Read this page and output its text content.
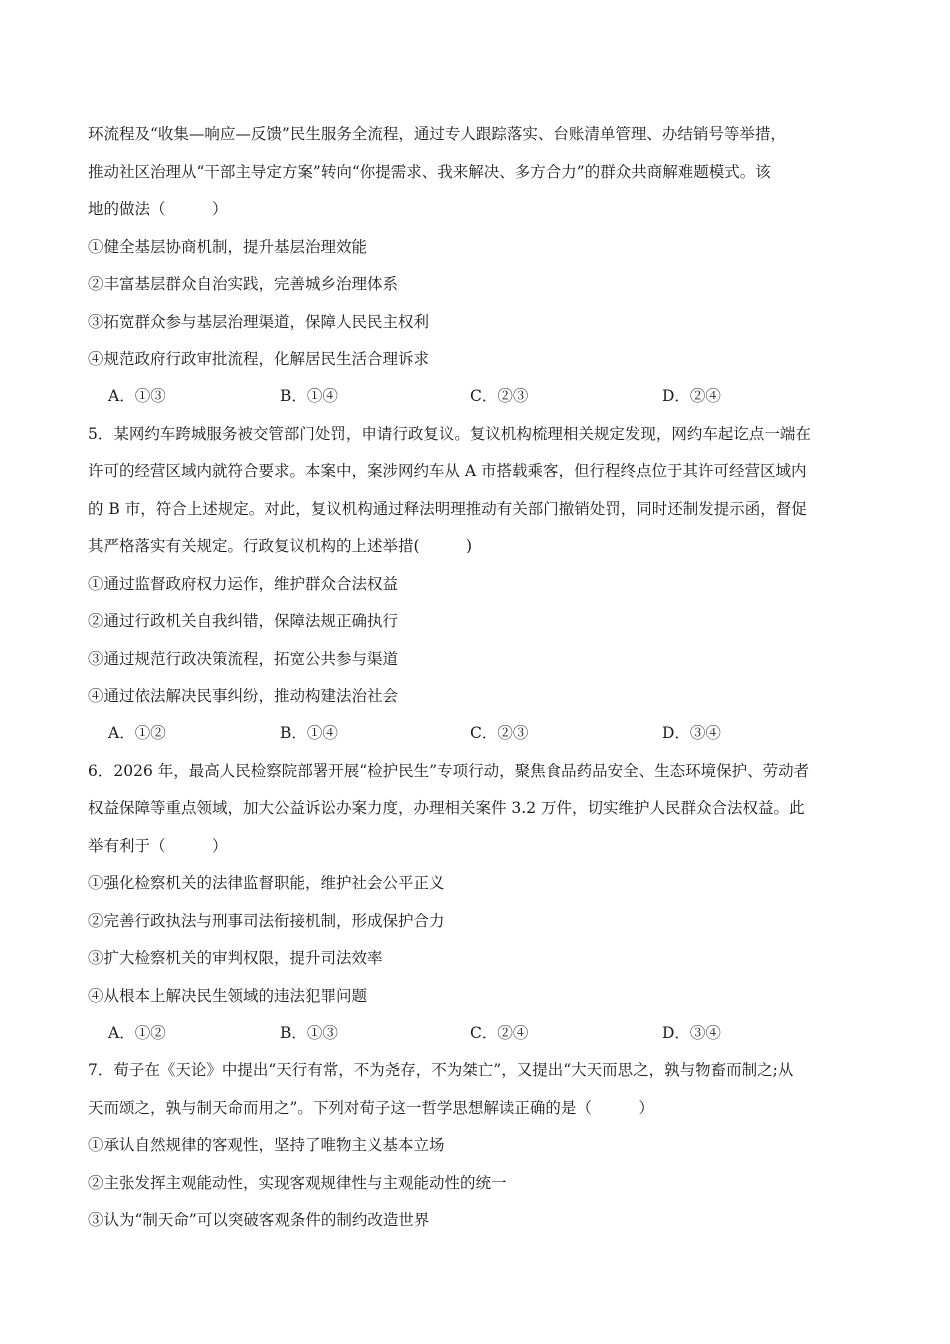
环流程及“收集—响应—反馈”民生服务全流程，通过专人跟踪落实、台账清单管理、办结销号等举措，
推动社区治理从“干部主导定方案”转向“你提需求、我来解决、多方合力”的群众共商解难题模式。该
地的做法（　　　）
①健全基层协商机制，提升基层治理效能
②丰富基层群众自治实践，完善城乡治理体系
③拓宽群众参与基层治理渠道，保障人民民主权利
④规范政府行政审批流程，化解居民生活合理诉求
A．①③	B．①④	C．②③	D．②④
5．某网约车跨城服务被交管部门处罚，申请行政复议。复议机构梳理相关规定发现，网约车起讫点一端在
许可的经营区域内就符合要求。本案中，案涉网约车从 A 市搭载乘客，但行程终点位于其许可经营区域内
的 B 市，符合上述规定。对此，复议机构通过释法明理推动有关部门撤销处罚，同时还制发提示函，督促
其严格落实有关规定。行政复议机构的上述举措(　　　)
①通过监督政府权力运作，维护群众合法权益
②通过行政机关自我纠错，保障法规正确执行
③通过规范行政决策流程，拓宽公共参与渠道
④通过依法解决民事纠纷，推动构建法治社会
A．①②	B．①④	C．②③	D．③④
6．2026 年，最高人民检察院部署开展“检护民生”专项行动，聚焦食品药品安全、生态环境保护、劳动者
权益保障等重点领域，加大公益诉讼办案力度，办理相关案件 3.2 万件，切实维护人民群众合法权益。此
举有利于（　　　）
①强化检察机关的法律监督职能，维护社会公平正义
②完善行政执法与刑事司法衔接机制，形成保护合力
③扩大检察机关的审判权限，提升司法效率
④从根本上解决民生领域的违法犯罪问题
A．①②	B．①③	C．②④	D．③④
7．荀子在《天论》中提出“天行有常，不为尧存，不为桀亡”，又提出“大天而思之，孰与物畜而制之;从
天而颂之，孰与制天命而用之”。下列对荀子这一哲学思想解读正确的是（　　　）
①承认自然规律的客观性，坚持了唯物主义基本立场
②主张发挥主观能动性，实现客观规律性与主观能动性的统一
③认为“制天命”可以突破客观条件的制约改造世界
